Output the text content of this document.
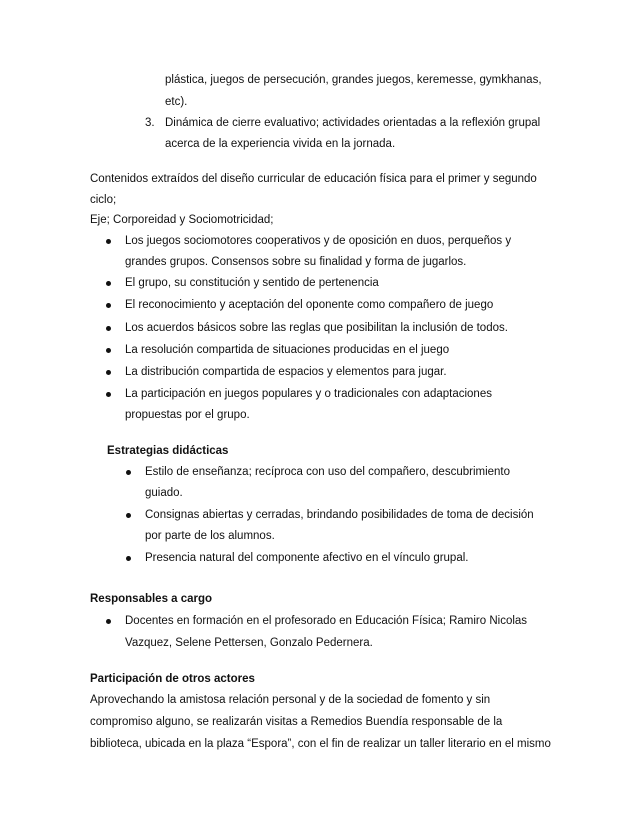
plástica, juegos de persecución, grandes juegos, keremesse, gymkhanas,
etc).
3. Dinámica de cierre evaluativo; actividades orientadas a la reflexión grupal
acerca de la experiencia vivida en la jornada.
Contenidos extraídos del diseño curricular de educación física para el primer y segundo
ciclo;
Eje; Corporeidad y Sociomotricidad;
Los juegos sociomotores cooperativos y de oposición en duos, perqueños y
grandes grupos. Consensos sobre su finalidad y forma de jugarlos.
El grupo, su constitución y sentido de pertenencia
El reconocimiento y aceptación del oponente como compañero de juego
Los acuerdos básicos sobre las reglas que posibilitan la inclusión de todos.
La resolución compartida de situaciones producidas en el juego
La distribución compartida de espacios y elementos para jugar.
La participación en juegos populares y o tradicionales con adaptaciones
propuestas por el grupo.
Estrategias didácticas
Estilo de enseñanza; recíproca con uso del compañero, descubrimiento
guiado.
Consignas abiertas y cerradas, brindando posibilidades de toma de decisión
por parte de los alumnos.
Presencia natural del componente afectivo en el vínculo grupal.
Responsables a cargo
Docentes en formación en el profesorado en Educación Física; Ramiro Nicolas
Vazquez, Selene Pettersen, Gonzalo Pedernera.
Participación de otros actores
Aprovechando la amistosa relación personal y de la sociedad de fomento y sin
compromiso alguno, se realizarán visitas a Remedios Buendía responsable de la
biblioteca, ubicada en la plaza “Espora”, con el fin de realizar un taller literario en el mismo
